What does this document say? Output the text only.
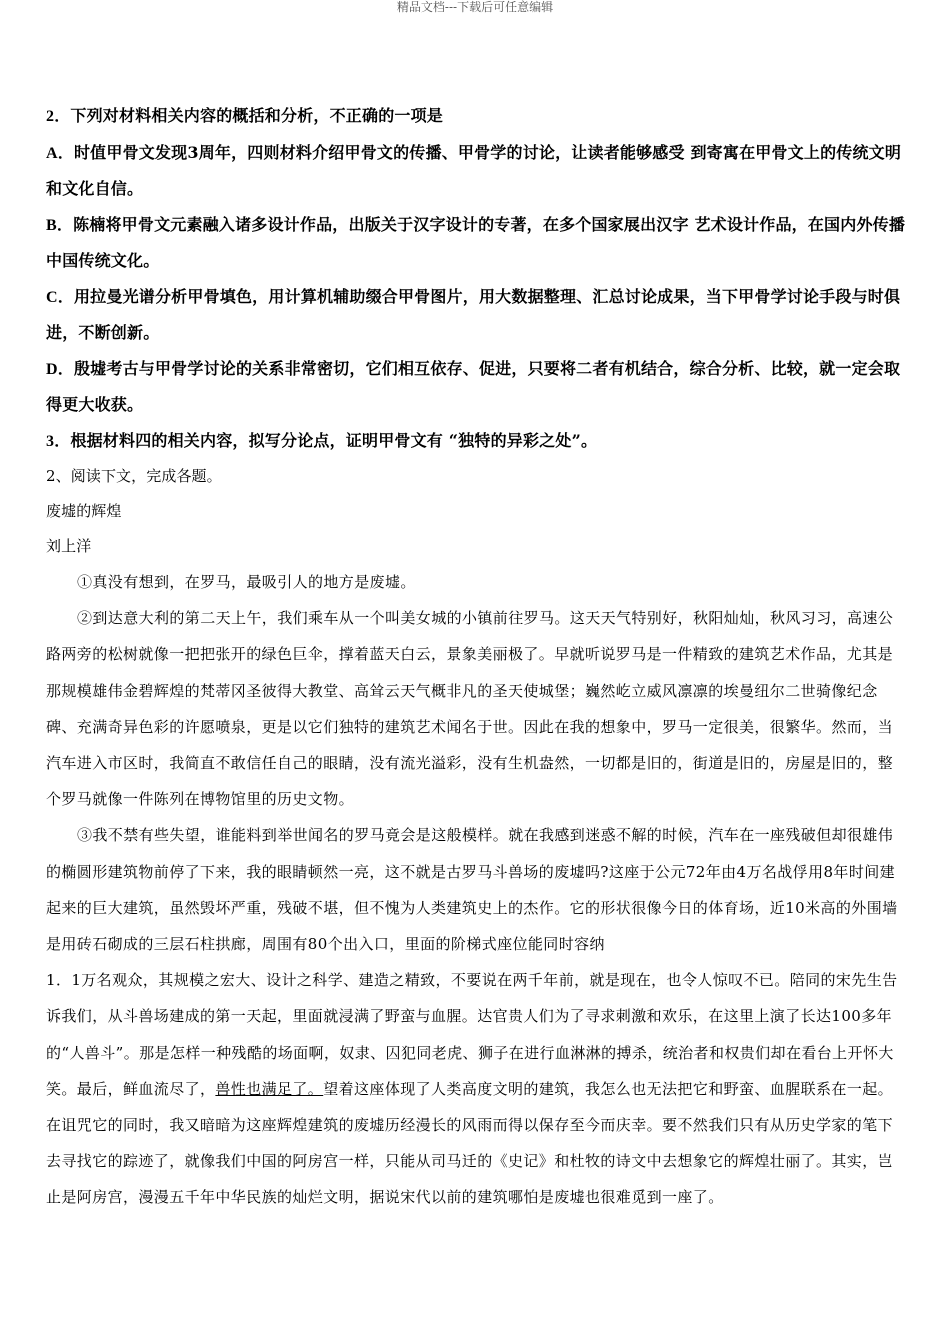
精品文档---下载后可任意编辑
2．下列对材料相关内容的概括和分析，不正确的一项是
A．时值甲骨文发现3周年，四则材料介绍甲骨文的传播、甲骨学的讨论，让读者能够感受 到寄寓在甲骨文上的传统文明和文化自信。
B．陈楠将甲骨文元素融入诸多设计作品，出版关于汉字设计的专著，在多个国家展出汉字 艺术设计作品，在国内外传播中国传统文化。
C．用拉曼光谱分析甲骨填色，用计算机辅助缀合甲骨图片，用大数据整理、汇总讨论成果，当下甲骨学讨论手段与时俱进，不断创新。
D．殷墟考古与甲骨学讨论的关系非常密切，它们相互依存、促进，只要将二者有机结合，综合分析、比较，就一定会取得更大收获。
3．根据材料四的相关内容，拟写分论点，证明甲骨文有 “独特的异彩之处”。
2、阅读下文，完成各题。
废墟的辉煌
刘上洋
①真没有想到，在罗马，最吸引人的地方是废墟。
②到达意大利的第二天上午，我们乘车从一个叫美女城的小镇前往罗马。这天天气特别好，秋阳灿灿，秋风习习，高速公路两旁的松树就像一把把张开的绿色巨伞，撑着蓝天白云，景象美丽极了。早就听说罗马是一件精致的建筑艺术作品，尤其是那规模雄伟金碧辉煌的梵蒂冈圣彼得大教堂、高耸云天气概非凡的圣天使城堡；巍然屹立威风凛凛的埃曼纽尔二世骑像纪念碑、充满奇异色彩的许愿喷泉，更是以它们独特的建筑艺术闻名于世。因此在我的想象中，罗马一定很美，很繁华。然而，当汽车进入市区时，我简直不敢信任自己的眼睛，没有流光溢彩，没有生机盎然，一切都是旧的，街道是旧的，房屋是旧的，整个罗马就像一件陈列在博物馆里的历史文物。
③我不禁有些失望，谁能料到举世闻名的罗马竟会是这般模样。就在我感到迷惑不解的时候，汽车在一座残破但却很雄伟的椭圆形建筑物前停了下来，我的眼睛顿然一亮，这不就是古罗马斗兽场的废墟吗?这座于公元72年由4万名战俘用8年时间建起来的巨大建筑，虽然毁坏严重，残破不堪，但不愧为人类建筑史上的杰作。它的形状很像今日的体育场，近10米高的外围墙是用砖石砌成的三层石柱拱廊，周围有80个出入口，里面的阶梯式座位能同时容纳
1．1万名观众，其规模之宏大、设计之科学、建造之精致，不要说在两千年前，就是现在，也令人惊叹不已。陪同的宋先生告诉我们，从斗兽场建成的第一天起，里面就浸满了野蛮与血腥。达官贵人们为了寻求刺激和欢乐，在这里上演了长达100多年的“人兽斗”。那是怎样一种残酷的场面啊，奴隶、囚犯同老虎、狮子在进行血淋淋的搏杀，统治者和权贵们却在看台上开怀大笑。最后，鲜血流尽了，兽性也满足了。望着这座体现了人类高度文明的建筑，我怎么也无法把它和野蛮、血腥联系在一起。在诅咒它的同时，我又暗暗为这座辉煌建筑的废墟历经漫长的风雨而得以保存至今而庆幸。要不然我们只有从历史学家的笔下去寻找它的踪迹了，就像我们中国的阿房宫一样，只能从司马迁的《史记》和杜牧的诗文中去想象它的辉煌壮丽了。其实，岂止是阿房宫，漫漫五千年中华民族的灿烂文明，据说宋代以前的建筑哪怕是废墟也很难觅到一座了。
